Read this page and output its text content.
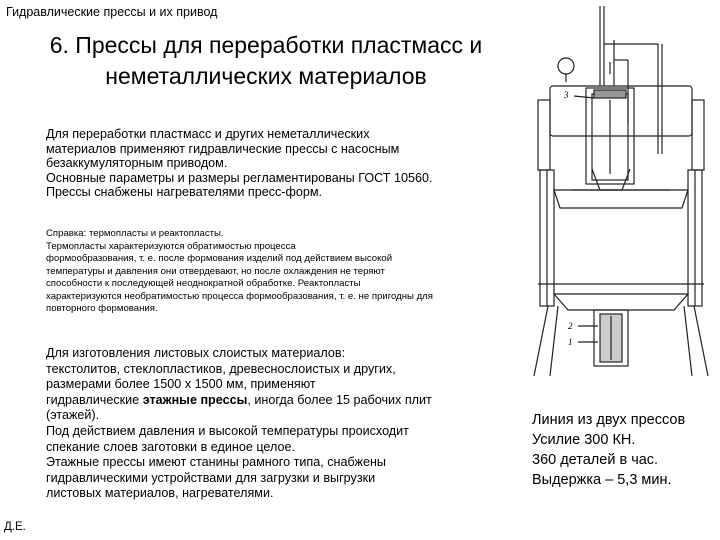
Гидравлические прессы и их привод
6. Прессы для переработки пластмасс и
неметаллических материалов
Для переработки пластмасс и других неметаллических
материалов применяют гидравлические прессы с насосным
безаккумуляторным приводом.
Основные параметры и размеры регламентированы ГОСТ 10560.
Прессы снабжены нагревателями пресс-форм.
Справка: термопласты и реактопласты.
Термопласты характеризуются обратимостью процесса
формообразования, т. е. после формования изделий под действием высокой
температуры и давления они отвердевают, но после охлаждения не теряют
способности к последующей неоднократной обработке. Реактопласты
характеризуются необратимостью процесса формообразования, т. е. не пригодны для
повторного формования.
Для изготовления листовых слоистых материалов:
текстолитов, стеклопластиков, древеснослоистых и других,
размерами более 1500 х 1500 мм, применяют
гидравлические этажные прессы, иногда более 15 рабочих плит
(этажей).
Под действием давления и высокой температуры происходит
спекание слоев заготовки в единое целое.
Этажные прессы имеют станины рамного типа, снабжены
гидравлическими устройствами для загрузки и выгрузки
листовых материалов, нагревателями.
3
2
1
Линия из двух прессов
Усилие 300 КН.
360 деталей в час.
Выдержка – 5,3 мин.
Д.Е.
